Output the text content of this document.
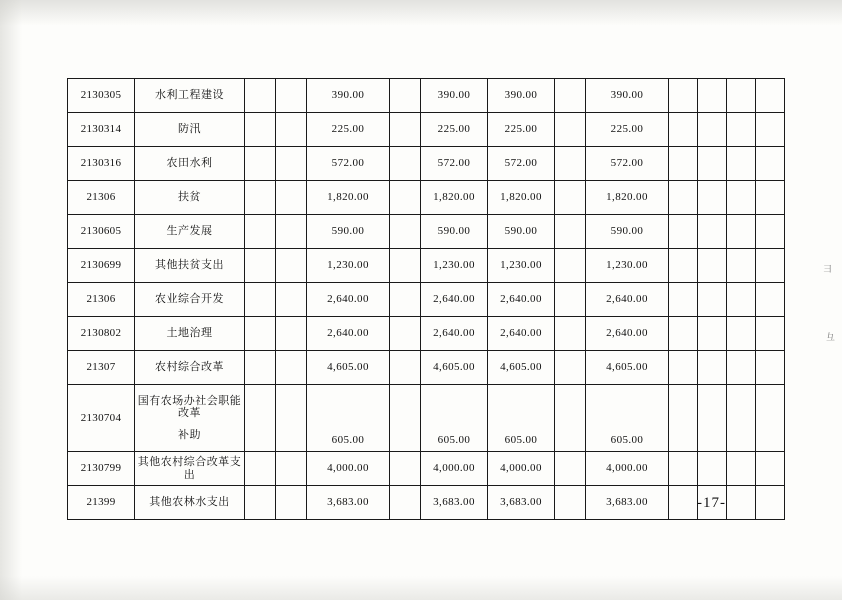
2130305	水利工程建设			390.00		390.00	390.00		390.00				
2130314	防汛			225.00		225.00	225.00		225.00				
2130316	农田水利			572.00		572.00	572.00		572.00				
21306	扶贫			1,820.00		1,820.00	1,820.00		1,820.00				
2130605	生产发展			590.00		590.00	590.00		590.00				
2130699	其他扶贫支出			1,230.00		1,230.00	1,230.00		1,230.00				
21306	农业综合开发			2,640.00		2,640.00	2,640.00		2,640.00				
2130802	土地治理			2,640.00		2,640.00	2,640.00		2,640.00				
21307	农村综合改革			4,605.00		4,605.00	4,605.00		4,605.00				
2130704	国有农场办社会职能改革
补助			605.00		605.00	605.00		605.00				
2130799	其他农村综合改革支出			4,000.00		4,000.00	4,000.00		4,000.00				
21399	其他农林水支出			3,683.00		3,683.00	3,683.00		3,683.00					-17-
彐
彑
